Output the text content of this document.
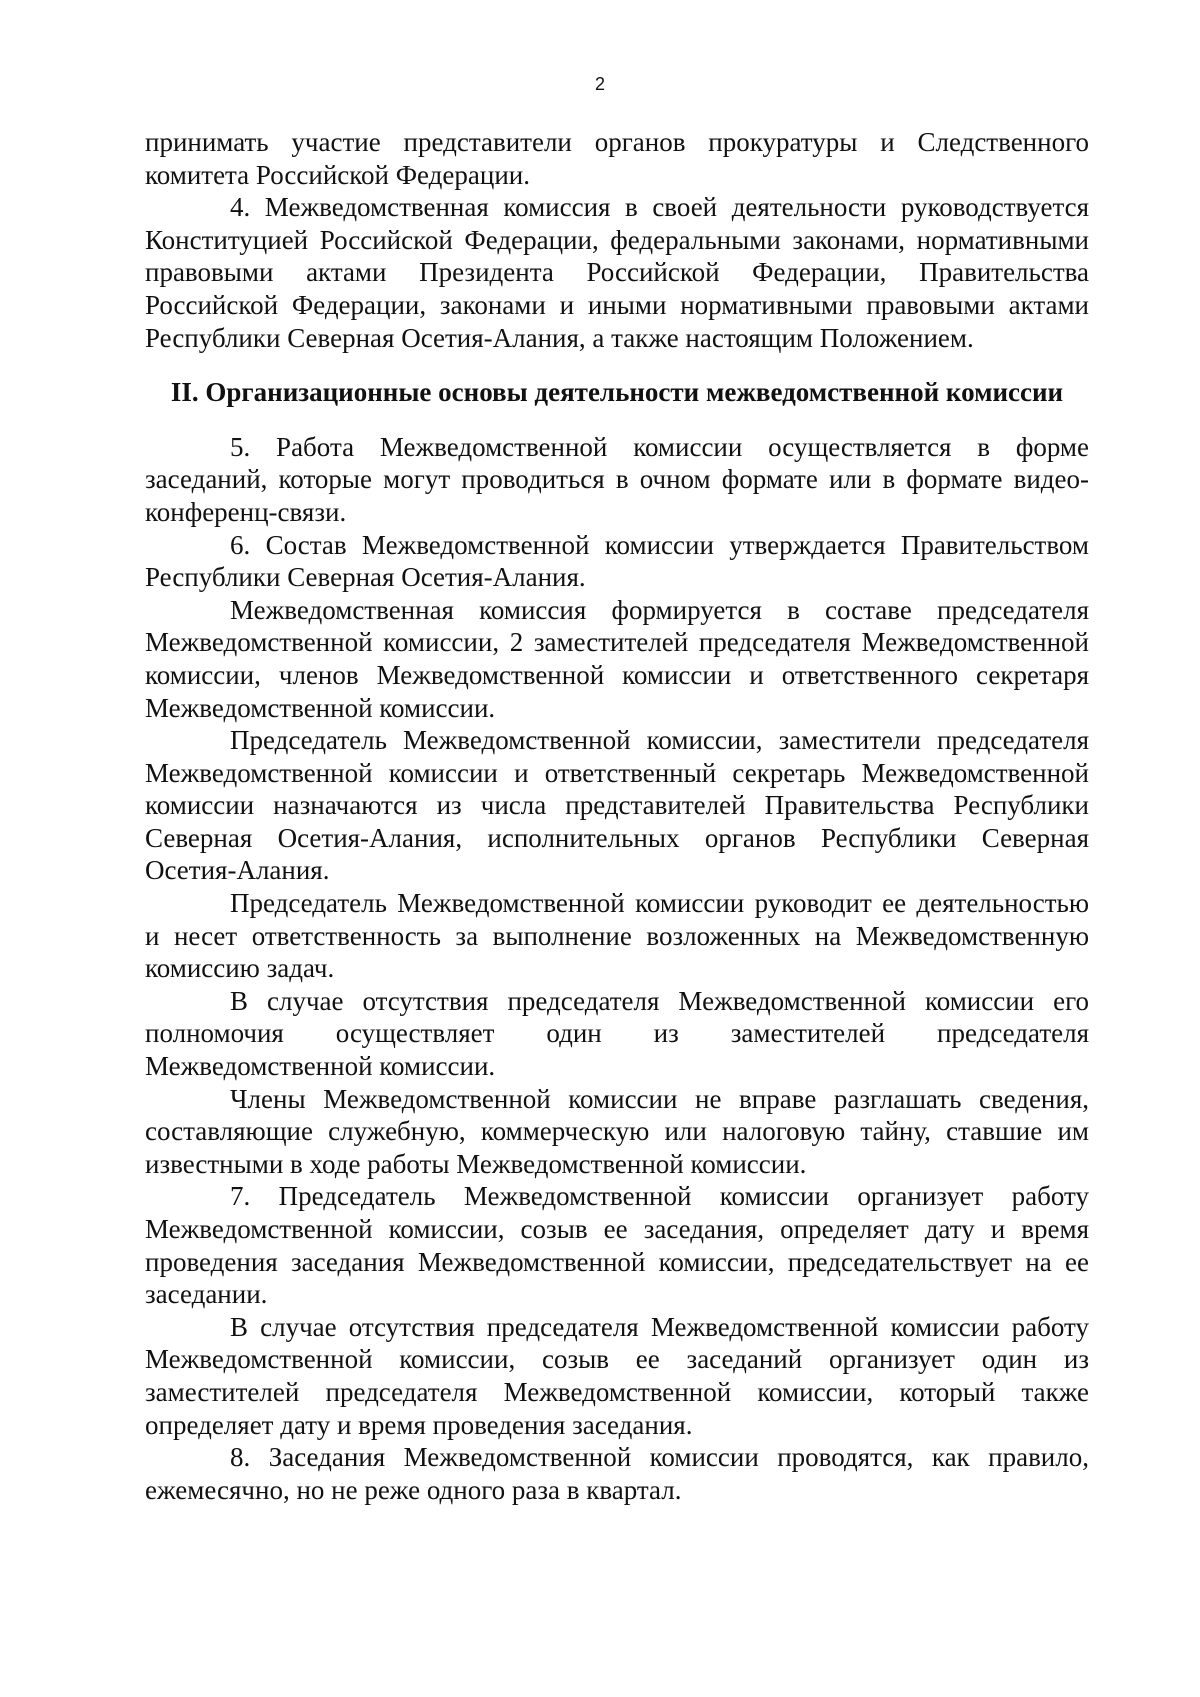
2

принимать участие представители органов прокуратуры и Следственного комитета Российской Федерации.

4. Межведомственная комиссия в своей деятельности руководствуется Конституцией Российской Федерации, федеральными законами, нормативными правовыми актами Президента Российской Федерации, Правительства Российской Федерации, законами и иными нормативными правовыми актами Республики Северная Осетия-Алания, а также настоящим Положением.

II. Организационные основы деятельности межведомственной комиссии

5. Работа Межведомственной комиссии осуществляется в форме заседаний, которые могут проводиться в очном формате или в формате видео-конференц-связи.

6. Состав Межведомственной комиссии утверждается Правительством Республики Северная Осетия-Алания.

Межведомственная комиссия формируется в составе председателя Межведомственной комиссии, 2 заместителей председателя Межведомственной комиссии, членов Межведомственной комиссии и ответственного секретаря Межведомственной комиссии.

Председатель Межведомственной комиссии, заместители председателя Межведомственной комиссии и ответственный секретарь Межведомственной комиссии назначаются из числа представителей Правительства Республики Северная Осетия-Алания, исполнительных органов Республики Северная Осетия-Алания.

Председатель Межведомственной комиссии руководит ее деятельностью и несет ответственность за выполнение возложенных на Межведомственную комиссию задач.

В случае отсутствия председателя Межведомственной комиссии его полномочия осуществляет один из заместителей председателя Межведомственной комиссии.

Члены Межведомственной комиссии не вправе разглашать сведения, составляющие служебную, коммерческую или налоговую тайну, ставшие им известными в ходе работы Межведомственной комиссии.

7. Председатель Межведомственной комиссии организует работу Межведомственной комиссии, созыв ее заседания, определяет дату и время проведения заседания Межведомственной комиссии, председательствует на ее заседании.

В случае отсутствия председателя Межведомственной комиссии работу Межведомственной комиссии, созыв ее заседаний организует один из заместителей председателя Межведомственной комиссии, который также определяет дату и время проведения заседания.

8. Заседания Межведомственной комиссии проводятся, как правило, ежемесячно, но не реже одного раза в квартал.
